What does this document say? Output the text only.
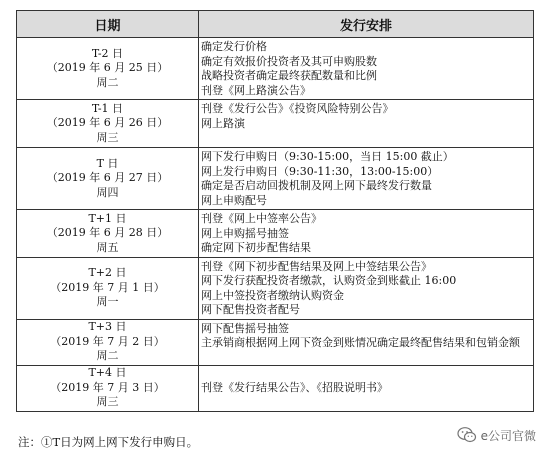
日期	发行安排

T-2 日
（2019 年 6 月 25 日）
周二	确定发行价格
确定有效报价投资者及其可申购股数
战略投资者确定最终获配数量和比例
刊登《网上路演公告》

T-1 日
（2019 年 6 月 26 日）
周三	刊登《发行公告》《投资风险特别公告》
网上路演

T 日
（2019 年 6 月 27 日）
周四	网下发行申购日（9:30-15:00，当日 15:00 截止）
网上发行申购日（9:30-11:30，13:00-15:00）
确定是否启动回拨机制及网上网下最终发行数量
网上申购配号

T+1 日
（2019 年 6 月 28 日）
周五	刊登《网上中签率公告》
网上申购摇号抽签
确定网下初步配售结果

T+2 日
（2019 年 7 月 1 日）
周一	刊登《网下初步配售结果及网上中签结果公告》
网下发行获配投资者缴款，认购资金到账截止 16:00
网上中签投资者缴纳认购资金
网下配售投资者配号

T+3 日
（2019 年 7 月 2 日）
周二	网下配售摇号抽签
主承销商根据网上网下资金到账情况确定最终配售结果和包销金额

T+4 日
（2019 年 7 月 3 日）
周三	刊登《发行结果公告》、《招股说明书》
注：①T日为网上网下发行申购日。	e公司官微
